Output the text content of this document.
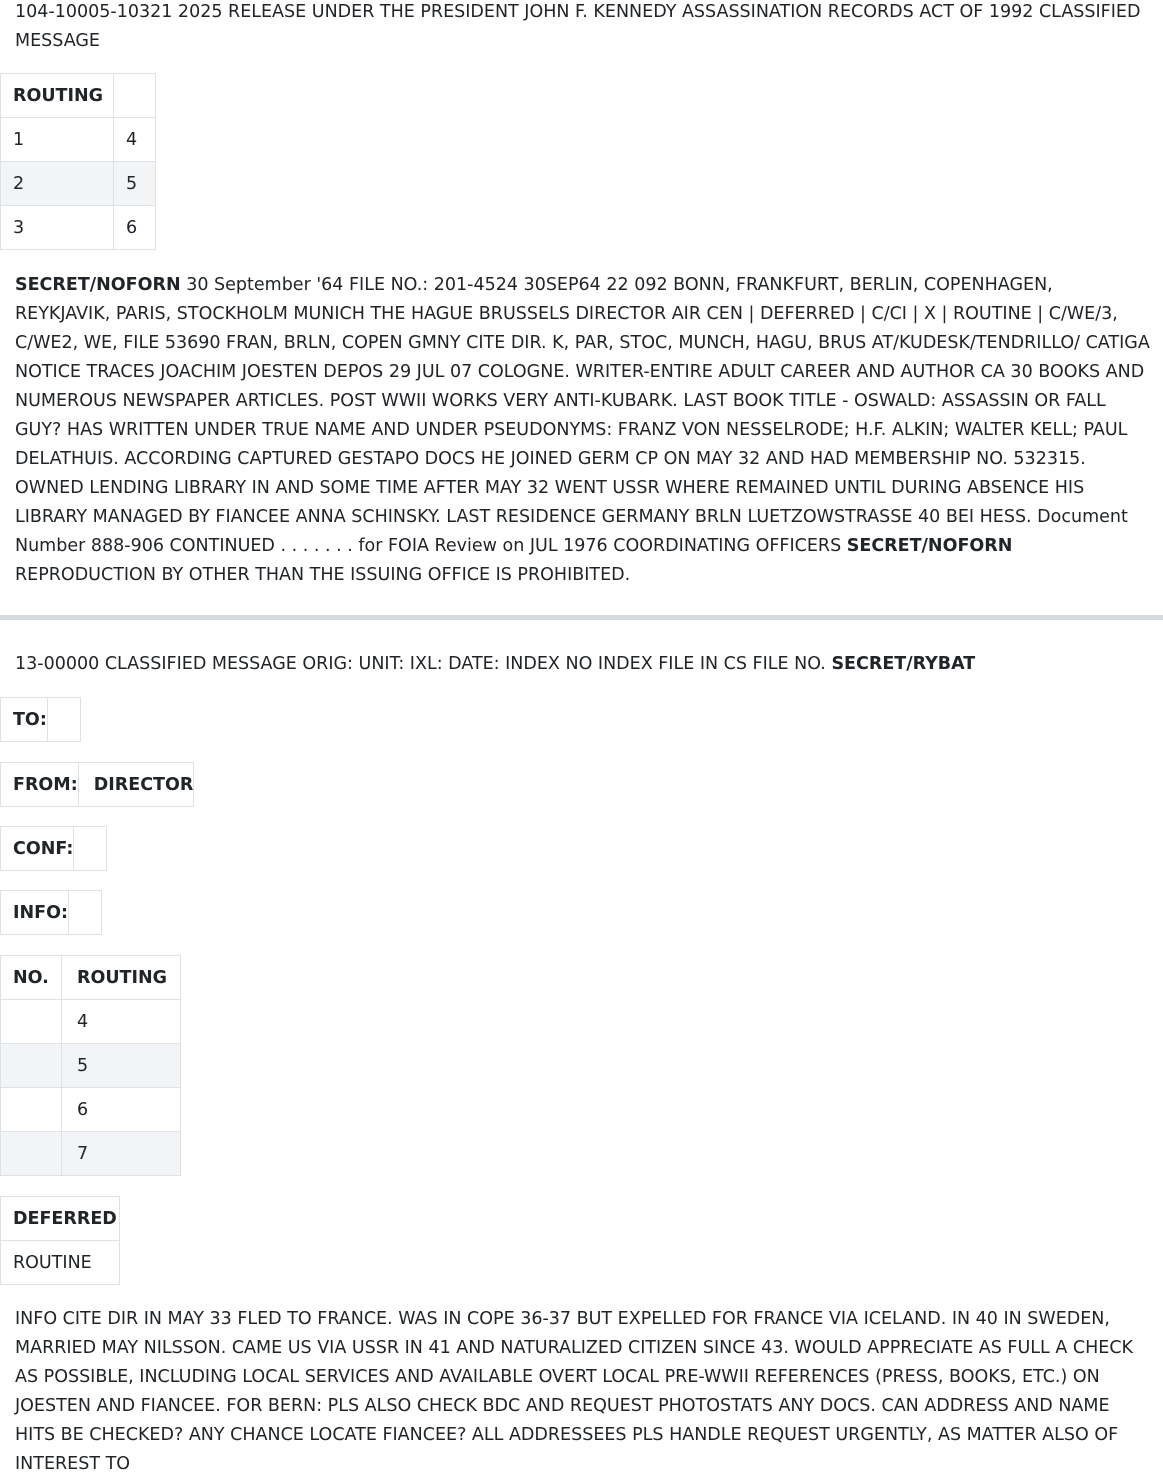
104-10005-10321 2025 RELEASE UNDER THE PRESIDENT JOHN F. KENNEDY ASSASSINATION RECORDS ACT OF 1992 CLASSIFIED MESSAGE

ROUTING	
1	4
2	5
3	6

SECRET/NOFORN 30 September '64 FILE NO.: 201-4524 30SEP64 22 092 BONN, FRANKFURT, BERLIN, COPENHAGEN, REYKJAVIK, PARIS, STOCKHOLM MUNICH THE HAGUE BRUSSELS DIRECTOR AIR CEN | DEFERRED | C/CI | X | ROUTINE | C/WE/3, C/WE2, WE, FILE 53690 FRAN, BRLN, COPEN GMNY CITE DIR. K, PAR, STOC, MUNCH, HAGU, BRUS AT/KUDESK/TENDRILLO/ CATIGA NOTICE TRACES JOACHIM JOESTEN DEPOS 29 JUL 07 COLOGNE. WRITER-ENTIRE ADULT CAREER AND AUTHOR CA 30 BOOKS AND NUMEROUS NEWSPAPER ARTICLES. POST WWII WORKS VERY ANTI-KUBARK. LAST BOOK TITLE - OSWALD: ASSASSIN OR FALL GUY? HAS WRITTEN UNDER TRUE NAME AND UNDER PSEUDONYMS: FRANZ VON NESSELRODE; H.F. ALKIN; WALTER KELL; PAUL DELATHUIS. ACCORDING CAPTURED GESTAPO DOCS HE JOINED GERM CP ON MAY 32 AND HAD MEMBERSHIP NO. 532315. OWNED LENDING LIBRARY IN AND SOME TIME AFTER MAY 32 WENT USSR WHERE REMAINED UNTIL DURING ABSENCE HIS LIBRARY MANAGED BY FIANCEE ANNA SCHINSKY. LAST RESIDENCE GERMANY BRLN LUETZOWSTRASSE 40 BEI HESS. Document Number 888-906 CONTINUED . . . . . . . for FOIA Review on JUL 1976 COORDINATING OFFICERS SECRET/NOFORN REPRODUCTION BY OTHER THAN THE ISSUING OFFICE IS PROHIBITED.

13-00000 CLASSIFIED MESSAGE ORIG: UNIT: IXL: DATE: INDEX NO INDEX FILE IN CS FILE NO. SECRET/RYBAT

TO:	
FROM:	DIRECTOR
CONF:	
INFO:	
NO.	ROUTING
	4
	5
	6
	7
DEFERRED
ROUTINE

INFO CITE DIR IN MAY 33 FLED TO FRANCE. WAS IN COPE 36-37 BUT EXPELLED FOR FRANCE VIA ICELAND. IN 40 IN SWEDEN, MARRIED MAY NILSSON. CAME US VIA USSR IN 41 AND NATURALIZED CITIZEN SINCE 43. WOULD APPRECIATE AS FULL A CHECK AS POSSIBLE, INCLUDING LOCAL SERVICES AND AVAILABLE OVERT LOCAL PRE-WWII REFERENCES (PRESS, BOOKS, ETC.) ON JOESTEN AND FIANCEE. FOR BERN: PLS ALSO CHECK BDC AND REQUEST PHOTOSTATS ANY DOCS. CAN ADDRESS AND NAME HITS BE CHECKED? ANY CHANCE LOCATE FIANCEE? ALL ADDRESSEES PLS HANDLE REQUEST URGENTLY, AS MATTER ALSO OF INTEREST TO
